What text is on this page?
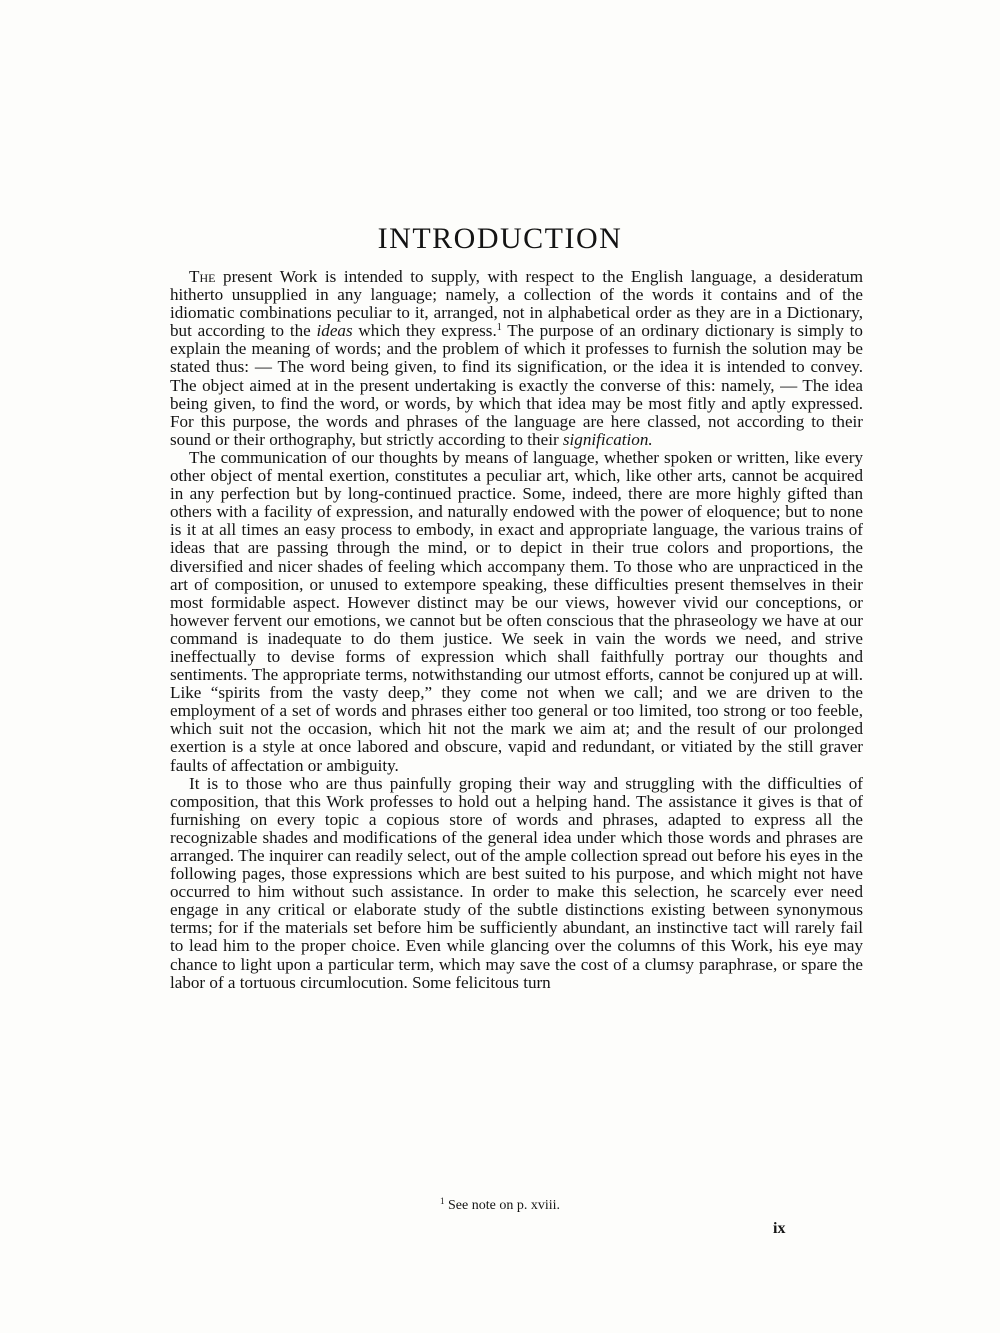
INTRODUCTION

The present Work is intended to supply, with respect to the English language, a desideratum hitherto unsupplied in any language; namely, a collection of the words it contains and of the idiomatic combinations peculiar to it, arranged, not in alphabetical order as they are in a Dictionary, but according to the ideas which they express.$^1$ The purpose of an ordinary dictionary is simply to explain the meaning of words; and the problem of which it professes to furnish the solution may be stated thus: — The word being given, to find its signification, or the idea it is intended to convey. The object aimed at in the present undertaking is exactly the converse of this: namely, — The idea being given, to find the word, or words, by which that idea may be most fitly and aptly expressed. For this purpose, the words and phrases of the language are here classed, not according to their sound or their orthography, but strictly according to their signification.

The communication of our thoughts by means of language, whether spoken or written, like every other object of mental exertion, constitutes a peculiar art, which, like other arts, cannot be acquired in any perfection but by long-continued practice. Some, indeed, there are more highly gifted than others with a facility of expression, and naturally endowed with the power of eloquence; but to none is it at all times an easy process to embody, in exact and appropriate language, the various trains of ideas that are passing through the mind, or to depict in their true colors and proportions, the diversified and nicer shades of feeling which accompany them. To those who are unpracticed in the art of composition, or unused to extempore speaking, these difficulties present themselves in their most formidable aspect. However distinct may be our views, however vivid our conceptions, or however fervent our emotions, we cannot but be often conscious that the phraseology we have at our command is inadequate to do them justice. We seek in vain the words we need, and strive ineffectually to devise forms of expression which shall faithfully portray our thoughts and sentiments. The appropriate terms, notwithstanding our utmost efforts, cannot be conjured up at will. Like “spirits from the vasty deep,” they come not when we call; and we are driven to the employment of a set of words and phrases either too general or too limited, too strong or too feeble, which suit not the occasion, which hit not the mark we aim at; and the result of our prolonged exertion is a style at once labored and obscure, vapid and redundant, or vitiated by the still graver faults of affectation or ambiguity.

It is to those who are thus painfully groping their way and struggling with the difficulties of composition, that this Work professes to hold out a helping hand. The assistance it gives is that of furnishing on every topic a copious store of words and phrases, adapted to express all the recognizable shades and modifications of the general idea under which those words and phrases are arranged. The inquirer can readily select, out of the ample collection spread out before his eyes in the following pages, those expressions which are best suited to his purpose, and which might not have occurred to him without such assistance. In order to make this selection, he scarcely ever need engage in any critical or elaborate study of the subtle distinctions existing between synonymous terms; for if the materials set before him be sufficiently abundant, an instinctive tact will rarely fail to lead him to the proper choice. Even while glancing over the columns of this Work, his eye may chance to light upon a particular term, which may save the cost of a clumsy paraphrase, or spare the labor of a tortuous circumlocution. Some felicitous turn

$^1$ See note on p. xviii.
ix
